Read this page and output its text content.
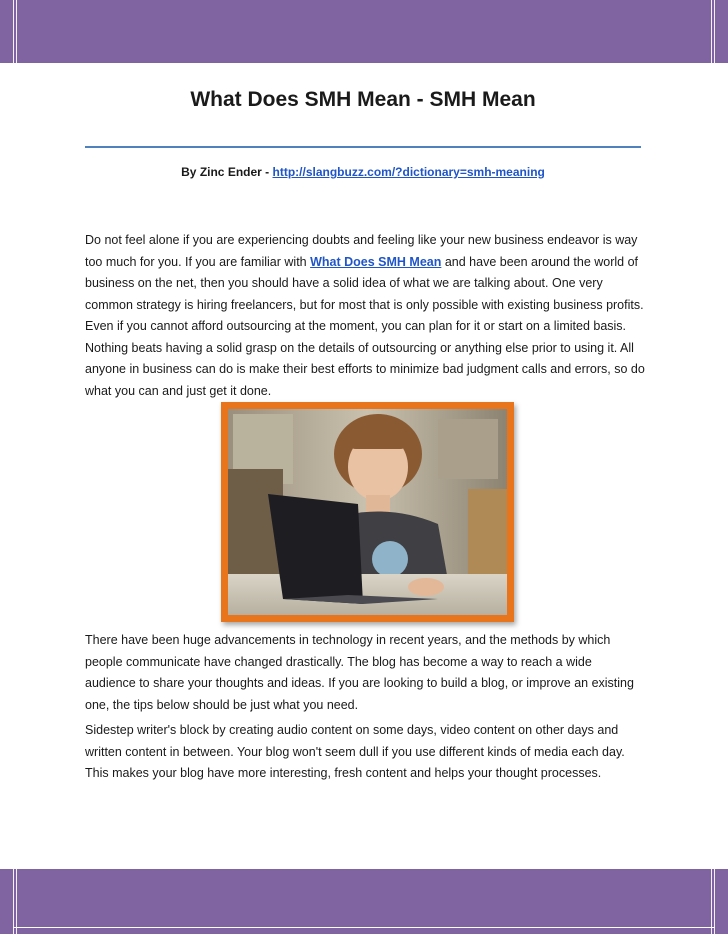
What Does SMH Mean - SMH Mean
By Zinc Ender - http://slangbuzz.com/?dictionary=smh-meaning

Do not feel alone if you are experiencing doubts and feeling like your new business endeavor is way too much for you. If you are familiar with What Does SMH Mean and have been around the world of business on the net, then you should have a solid idea of what we are talking about. One very common strategy is hiring freelancers, but for most that is only possible with existing business profits. Even if you cannot afford outsourcing at the moment, you can plan for it or start on a limited basis. Nothing beats having a solid grasp on the details of outsourcing or anything else prior to using it. All anyone in business can do is make their best efforts to minimize bad judgment calls and errors, so do what you can and just get it done.

There have been huge advancements in technology in recent years, and the methods by which people communicate have changed drastically. The blog has become a way to reach a wide audience to share your thoughts and ideas. If you are looking to build a blog, or improve an existing one, the tips below should be just what you need.

Sidestep writer's block by creating audio content on some days, video content on other days and written content in between. Your blog won't seem dull if you use different kinds of media each day. This makes your blog have more interesting, fresh content and helps your thought processes.
